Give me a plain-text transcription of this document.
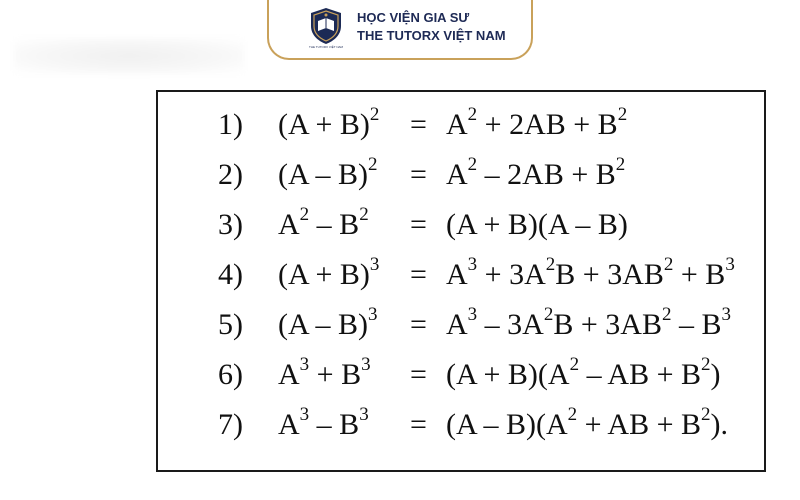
THE TUTORX VIỆT NAM
HỌC VIỆN GIA SƯ
THE TUTORX VIỆT NAM
1) $(A + B)^2 = A^2 + 2AB + B^2$
2) $(A - B)^2 = A^2 - 2AB + B^2$
3) $A^2 - B^2 = (A + B)(A - B)$
4) $(A + B)^3 = A^3 + 3A^2B + 3AB^2 + B^3$
5) $(A - B)^3 = A^3 - 3A^2B + 3AB^2 - B^3$
6) $A^3 + B^3 = (A + B)(A^2$ – AB + $B^2$)
7) $A^3 - B^3 = (A - B)(A^2$ + AB + $B^2$).
